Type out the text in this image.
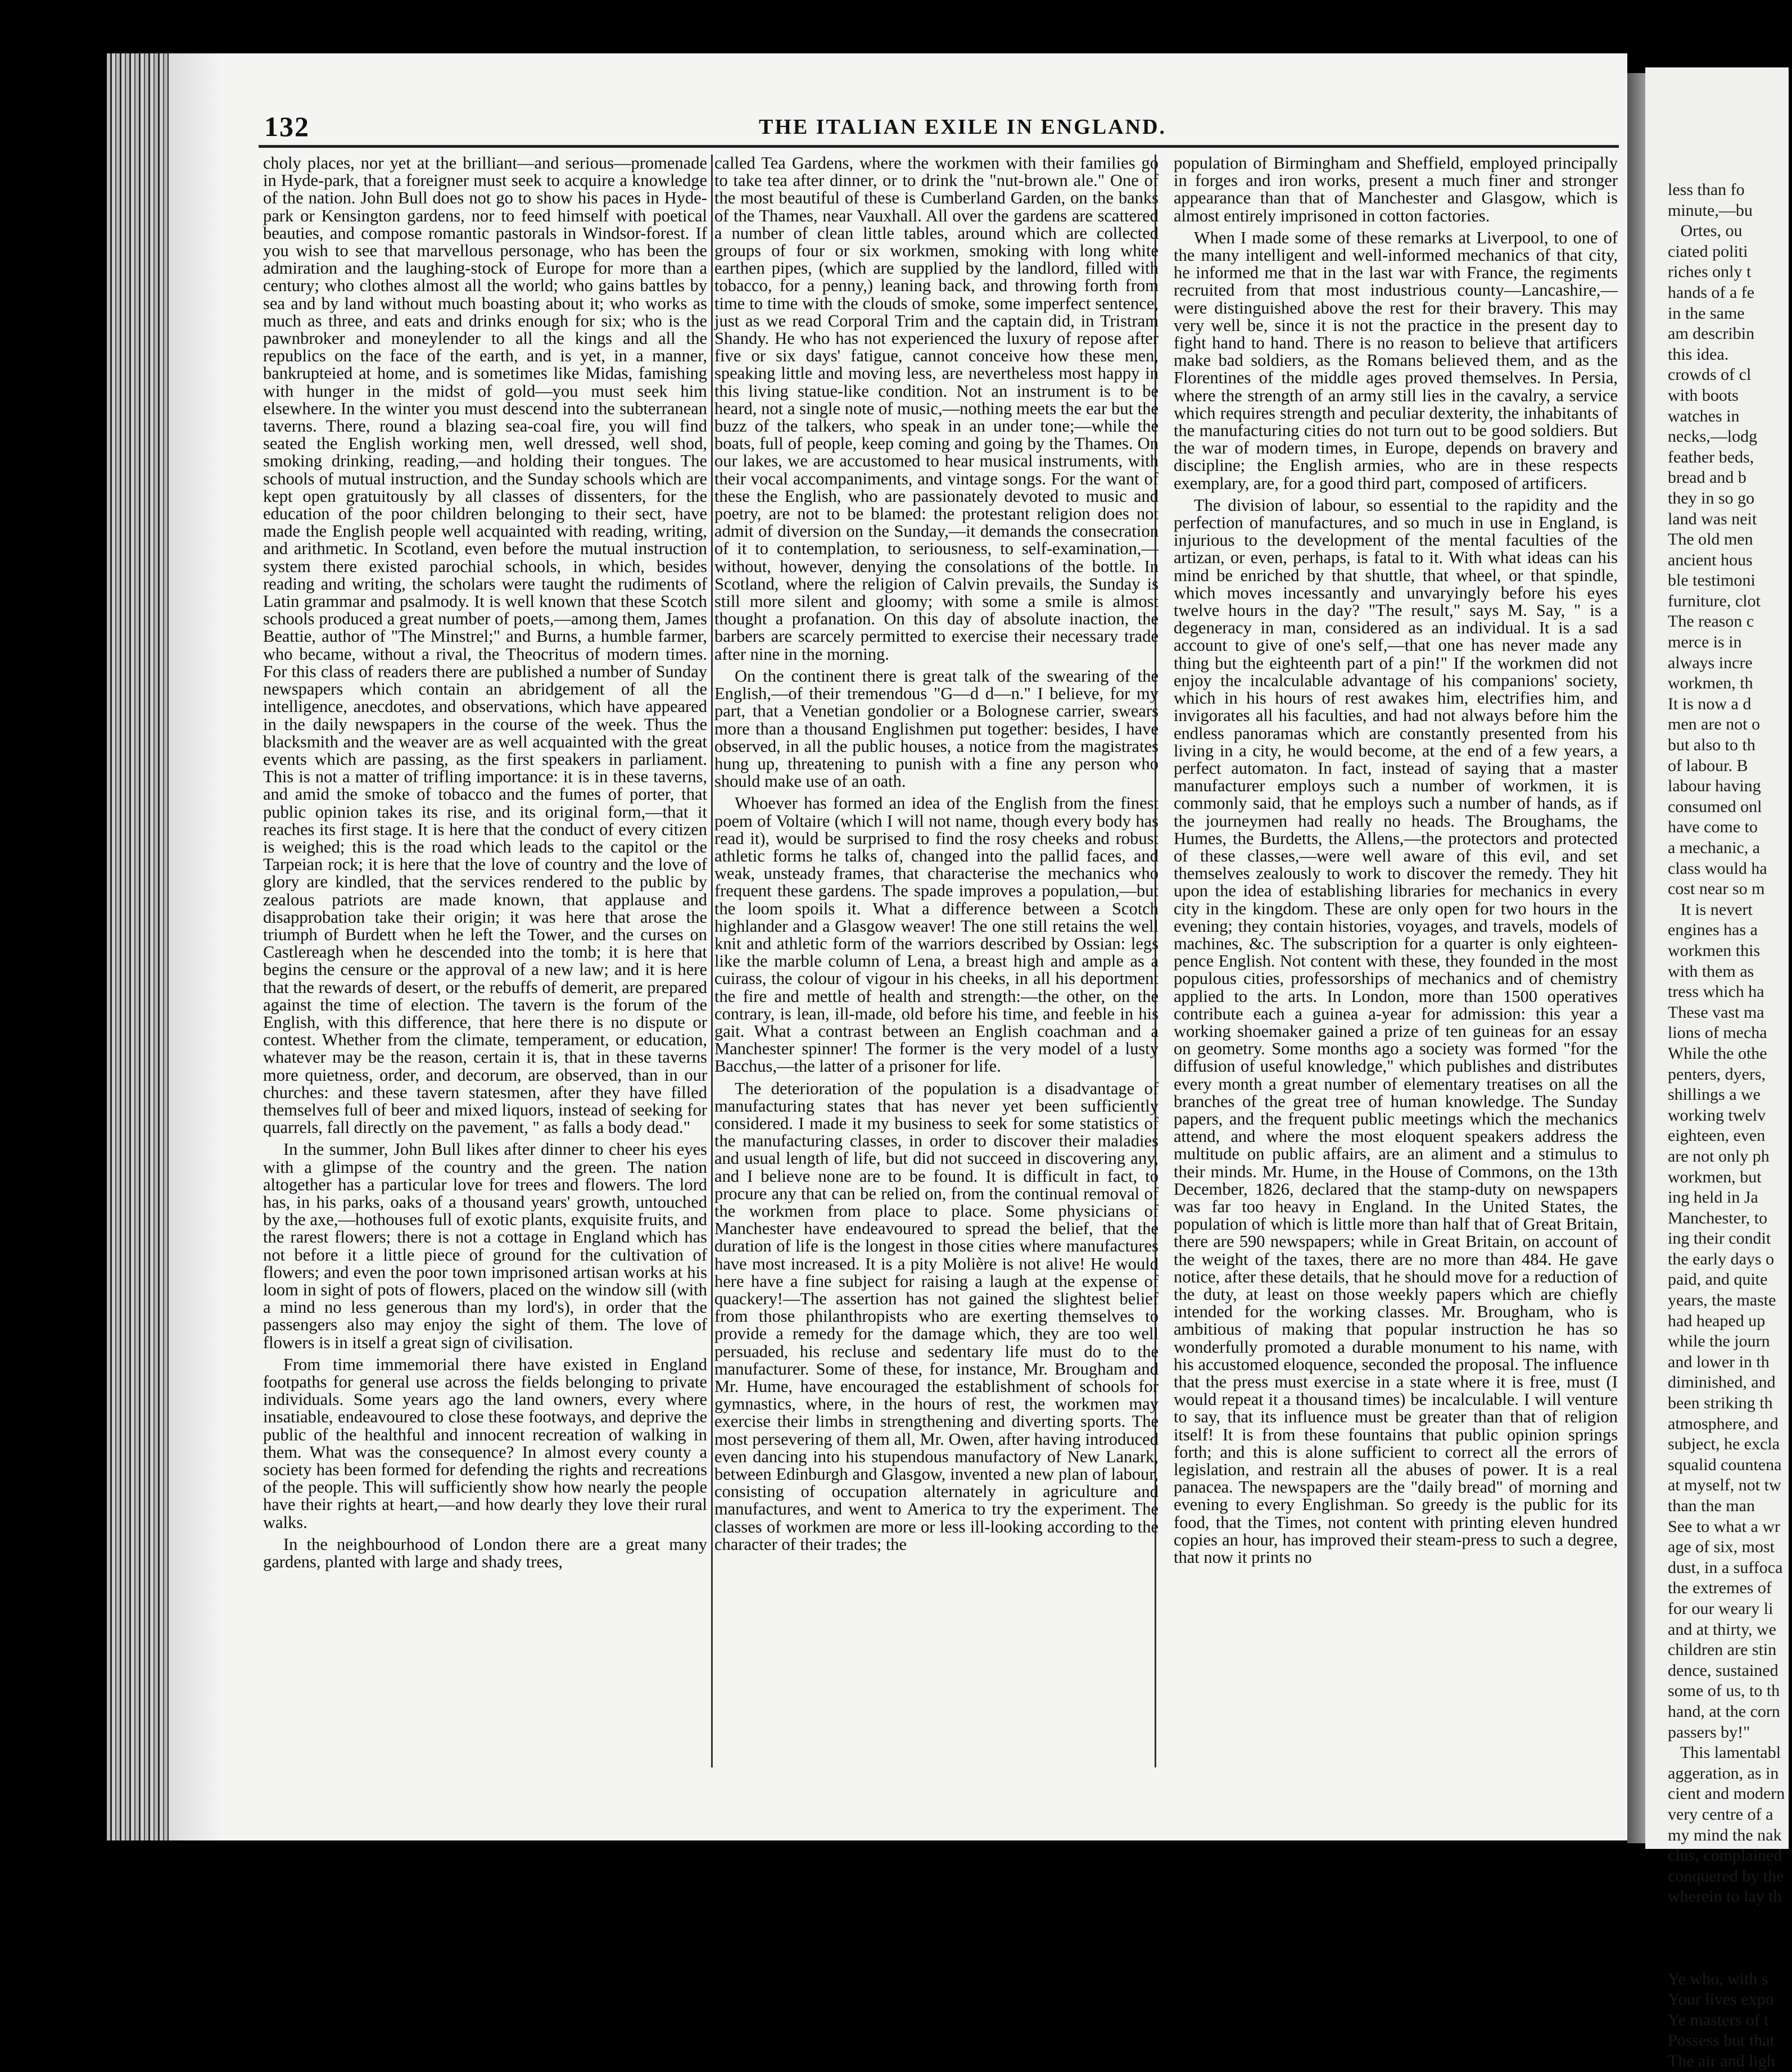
less than fo
minute,—bu
Ortes, ou
ciated politi
riches only t
hands of a fe
in the same
am describin
this idea.
crowds of cl
with boots
watches in
necks,—lodg
feather beds,
bread and b
they in so go
land was neit
The old men
ancient hous
ble testimoni
furniture, clot
The reason c
merce is in
always incre
workmen, th
It is now a d
men are not o
but also to th
of labour. B
labour having
consumed onl
have come to
a mechanic, a
class would ha
cost near so m
It is nevert
engines has a
workmen this
with them as
tress which ha
These vast ma
lions of mecha
While the othe
penters, dyers,
shillings a we
working twelv
eighteen, even
are not only ph
workmen, but
ing held in Ja
Manchester, to
ing their condit
the early days o
paid, and quite
years, the maste
had heaped up
while the journ
and lower in th
diminished, and
been striking th
atmosphere, and
subject, he excla
squalid countena
at myself, not tw
than the man
See to what a wr
age of six, most
dust, in a suffoca
the extremes of
for our weary li
and at thirty, we
children are stin
dence, sustained
some of us, to th
hand, at the corn
passers by!"
This lamentabl
aggeration, as in
cient and modern
very centre of a
my mind the nak
clus, complained
conquered by the
wherein to lay th

Ye who, with s
Your lives expo
Ye masters of t
Possess but that
The air and ligh
132	THE ITALIAN EXILE IN ENGLAND.

choly places, nor yet at the brilliant—and serious—promenade in Hyde-park, that a foreigner must seek to acquire a knowledge of the nation. John Bull does not go to show his paces in Hyde-park or Kensington gardens, nor to feed himself with poetical beauties, and compose romantic pastorals in Windsor-forest. If you wish to see that marvellous personage, who has been the admiration and the laughing-stock of Europe for more than a century; who clothes almost all the world; who gains battles by sea and by land without much boasting about it; who works as much as three, and eats and drinks enough for six; who is the pawnbroker and moneylender to all the kings and all the republics on the face of the earth, and is yet, in a manner, bankrupteied at home, and is sometimes like Midas, famishing with hunger in the midst of gold—you must seek him elsewhere. In the winter you must descend into the subterranean taverns. There, round a blazing sea-coal fire, you will find seated the English working men, well dressed, well shod, smoking drinking, reading,—and holding their tongues. The schools of mutual instruction, and the Sunday schools which are kept open gratuitously by all classes of dissenters, for the education of the poor children belonging to their sect, have made the English people well acquainted with reading, writing, and arithmetic. In Scotland, even before the mutual instruction system there existed parochial schools, in which, besides reading and writing, the scholars were taught the rudiments of Latin grammar and psalmody. It is well known that these Scotch schools produced a great number of poets,—among them, James Beattie, author of "The Minstrel;" and Burns, a humble farmer, who became, without a rival, the Theocritus of modern times. For this class of readers there are published a number of Sunday newspapers which contain an abridgement of all the intelligence, anecdotes, and observations, which have appeared in the daily newspapers in the course of the week. Thus the blacksmith and the weaver are as well acquainted with the great events which are passing, as the first speakers in parliament. This is not a matter of trifling importance: it is in these taverns, and amid the smoke of tobacco and the fumes of porter, that public opinion takes its rise, and its original form,—that it reaches its first stage. It is here that the conduct of every citizen is weighed; this is the road which leads to the capitol or the Tarpeian rock; it is here that the love of country and the love of glory are kindled, that the services rendered to the public by zealous patriots are made known, that applause and disapprobation take their origin; it was here that arose the triumph of Burdett when he left the Tower, and the curses on Castlereagh when he descended into the tomb; it is here that begins the censure or the approval of a new law; and it is here that the rewards of desert, or the rebuffs of demerit, are prepared against the time of election. The tavern is the forum of the English, with this difference, that here there is no dispute or contest. Whether from the climate, temperament, or education, whatever may be the reason, certain it is, that in these taverns more quietness, order, and decorum, are observed, than in our churches: and these tavern statesmen, after they have filled themselves full of beer and mixed liquors, instead of seeking for quarrels, fall directly on the pavement, " as falls a body dead."

In the summer, John Bull likes after dinner to cheer his eyes with a glimpse of the country and the green. The nation altogether has a particular love for trees and flowers. The lord has, in his parks, oaks of a thousand years' growth, untouched by the axe,—hothouses full of exotic plants, exquisite fruits, and the rarest flowers; there is not a cottage in England which has not before it a little piece of ground for the cultivation of flowers; and even the poor town imprisoned artisan works at his loom in sight of pots of flowers, placed on the window sill (with a mind no less generous than my lord's), in order that the passengers also may enjoy the sight of them. The love of flowers is in itself a great sign of civilisation.

From time immemorial there have existed in England footpaths for general use across the fields belonging to private individuals. Some years ago the land owners, every where insatiable, endeavoured to close these footways, and deprive the public of the healthful and innocent recreation of walking in them. What was the consequence? In almost every county a society has been formed for defending the rights and recreations of the people. This will sufficiently show how nearly the people have their rights at heart,—and how dearly they love their rural walks.

In the neighbourhood of London there are a great many gardens, planted with large and shady trees,

called Tea Gardens, where the workmen with their families go to take tea after dinner, or to drink the "nut-brown ale." One of the most beautiful of these is Cumberland Garden, on the banks of the Thames, near Vauxhall. All over the gardens are scattered a number of clean little tables, around which are collected groups of four or six workmen, smoking with long white earthen pipes, (which are supplied by the landlord, filled with tobacco, for a penny,) leaning back, and throwing forth from time to time with the clouds of smoke, some imperfect sentence, just as we read Corporal Trim and the captain did, in Tristram Shandy. He who has not experienced the luxury of repose after five or six days' fatigue, cannot conceive how these men, speaking little and moving less, are nevertheless most happy in this living statue-like condition. Not an instrument is to be heard, not a single note of music,—nothing meets the ear but the buzz of the talkers, who speak in an under tone;—while the boats, full of people, keep coming and going by the Thames. On our lakes, we are accustomed to hear musical instruments, with their vocal accompaniments, and vintage songs. For the want of these the English, who are passionately devoted to music and poetry, are not to be blamed: the protestant religion does not admit of diversion on the Sunday,—it demands the consecration of it to contemplation, to seriousness, to self-examination,—without, however, denying the consolations of the bottle. In Scotland, where the religion of Calvin prevails, the Sunday is still more silent and gloomy; with some a smile is almost thought a profanation. On this day of absolute inaction, the barbers are scarcely permitted to exercise their necessary trade after nine in the morning.

On the continent there is great talk of the swearing of the English,—of their tremendous "G—d d—n." I believe, for my part, that a Venetian gondolier or a Bolognese carrier, swears more than a thousand Englishmen put together: besides, I have observed, in all the public houses, a notice from the magistrates hung up, threatening to punish with a fine any person who should make use of an oath.

Whoever has formed an idea of the English from the finest poem of Voltaire (which I will not name, though every body has read it), would be surprised to find the rosy cheeks and robust athletic forms he talks of, changed into the pallid faces, and weak, unsteady frames, that characterise the mechanics who frequent these gardens. The spade improves a population,—but the loom spoils it. What a difference between a Scotch highlander and a Glasgow weaver! The one still retains the well knit and athletic form of the warriors described by Ossian: legs like the marble column of Lena, a breast high and ample as a cuirass, the colour of vigour in his cheeks, in all his deportment the fire and mettle of health and strength:—the other, on the contrary, is lean, ill-made, old before his time, and feeble in his gait. What a contrast between an English coachman and a Manchester spinner! The former is the very model of a lusty Bacchus,—the latter of a prisoner for life.

The deterioration of the population is a disadvantage of manufacturing states that has never yet been sufficiently considered. I made it my business to seek for some statistics of the manufacturing classes, in order to discover their maladies and usual length of life, but did not succeed in discovering any, and I believe none are to be found. It is difficult in fact, to procure any that can be relied on, from the continual removal of the workmen from place to place. Some physicians of Manchester have endeavoured to spread the belief, that the duration of life is the longest in those cities where manufactures have most increased. It is a pity Molière is not alive! He would here have a fine subject for raising a laugh at the expense of quackery!—The assertion has not gained the slightest belief from those philanthropists who are exerting themselves to provide a remedy for the damage which, they are too well persuaded, his recluse and sedentary life must do to the manufacturer. Some of these, for instance, Mr. Brougham and Mr. Hume, have encouraged the establishment of schools for gymnastics, where, in the hours of rest, the workmen may exercise their limbs in strengthening and diverting sports. The most persevering of them all, Mr. Owen, after having introduced even dancing into his stupendous manufactory of New Lanark, between Edinburgh and Glasgow, invented a new plan of labour, consisting of occupation alternately in agriculture and manufactures, and went to America to try the experiment. The classes of workmen are more or less ill-looking according to the character of their trades; the

population of Birmingham and Sheffield, employed principally in forges and iron works, present a much finer and stronger appearance than that of Manchester and Glasgow, which is almost entirely imprisoned in cotton factories.

When I made some of these remarks at Liverpool, to one of the many intelligent and well-informed mechanics of that city, he informed me that in the last war with France, the regiments recruited from that most industrious county—Lancashire,—were distinguished above the rest for their bravery. This may very well be, since it is not the practice in the present day to fight hand to hand. There is no reason to believe that artificers make bad soldiers, as the Romans believed them, and as the Florentines of the middle ages proved themselves. In Persia, where the strength of an army still lies in the cavalry, a service which requires strength and peculiar dexterity, the inhabitants of the manufacturing cities do not turn out to be good soldiers. But the war of modern times, in Europe, depends on bravery and discipline; the English armies, who are in these respects exemplary, are, for a good third part, composed of artificers.

The division of labour, so essential to the rapidity and the perfection of manufactures, and so much in use in England, is injurious to the development of the mental faculties of the artizan, or even, perhaps, is fatal to it. With what ideas can his mind be enriched by that shuttle, that wheel, or that spindle, which moves incessantly and unvaryingly before his eyes twelve hours in the day? "The result," says M. Say, " is a degeneracy in man, considered as an individual. It is a sad account to give of one's self,—that one has never made any thing but the eighteenth part of a pin!" If the workmen did not enjoy the incalculable advantage of his companions' society, which in his hours of rest awakes him, electrifies him, and invigorates all his faculties, and had not always before him the endless panoramas which are constantly presented from his living in a city, he would become, at the end of a few years, a perfect automaton. In fact, instead of saying that a master manufacturer employs such a number of workmen, it is commonly said, that he employs such a number of hands, as if the journeymen had really no heads. The Broughams, the Humes, the Burdetts, the Allens,—the protectors and protected of these classes,—were well aware of this evil, and set themselves zealously to work to discover the remedy. They hit upon the idea of establishing libraries for mechanics in every city in the kingdom. These are only open for two hours in the evening; they contain histories, voyages, and travels, models of machines, &c. The subscription for a quarter is only eighteen-pence English. Not content with these, they founded in the most populous cities, professorships of mechanics and of chemistry applied to the arts. In London, more than 1500 operatives contribute each a guinea a-year for admission: this year a working shoemaker gained a prize of ten guineas for an essay on geometry. Some months ago a society was formed "for the diffusion of useful knowledge," which publishes and distributes every month a great number of elementary treatises on all the branches of the great tree of human knowledge. The Sunday papers, and the frequent public meetings which the mechanics attend, and where the most eloquent speakers address the multitude on public affairs, are an aliment and a stimulus to their minds. Mr. Hume, in the House of Commons, on the 13th December, 1826, declared that the stamp-duty on newspapers was far too heavy in England. In the United States, the population of which is little more than half that of Great Britain, there are 590 newspapers; while in Great Britain, on account of the weight of the taxes, there are no more than 484. He gave notice, after these details, that he should move for a reduction of the duty, at least on those weekly papers which are chiefly intended for the working classes. Mr. Brougham, who is ambitious of making that popular instruction he has so wonderfully promoted a durable monument to his name, with his accustomed eloquence, seconded the proposal. The influence that the press must exercise in a state where it is free, must (I would repeat it a thousand times) be incalculable. I will venture to say, that its influence must be greater than that of religion itself! It is from these fountains that public opinion springs forth; and this is alone sufficient to correct all the errors of legislation, and restrain all the abuses of power. It is a real panacea. The newspapers are the "daily bread" of morning and evening to every Englishman. So greedy is the public for its food, that the Times, not content with printing eleven hundred copies an hour, has improved their steam-press to such a degree, that now it prints no
